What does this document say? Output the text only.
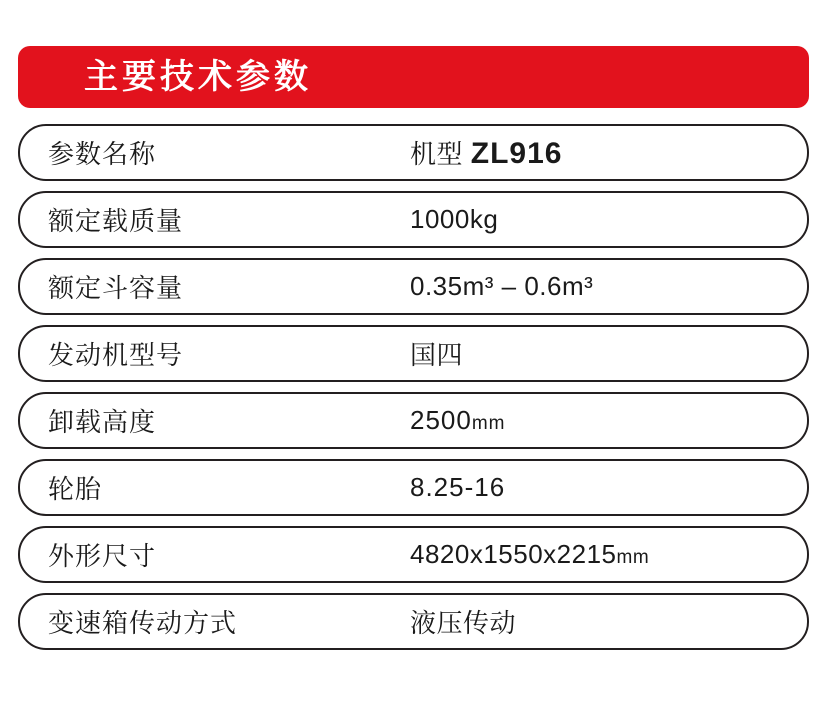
主要技术参数
参数名称	机型 ZL916
额定载质量	1000kg
额定斗容量	0.35m³ – 0.6m³
发动机型号	国四
卸载高度	2500mm
轮胎	8.25-16
外形尺寸	4820x1550x2215mm
变速箱传动方式	液压传动
